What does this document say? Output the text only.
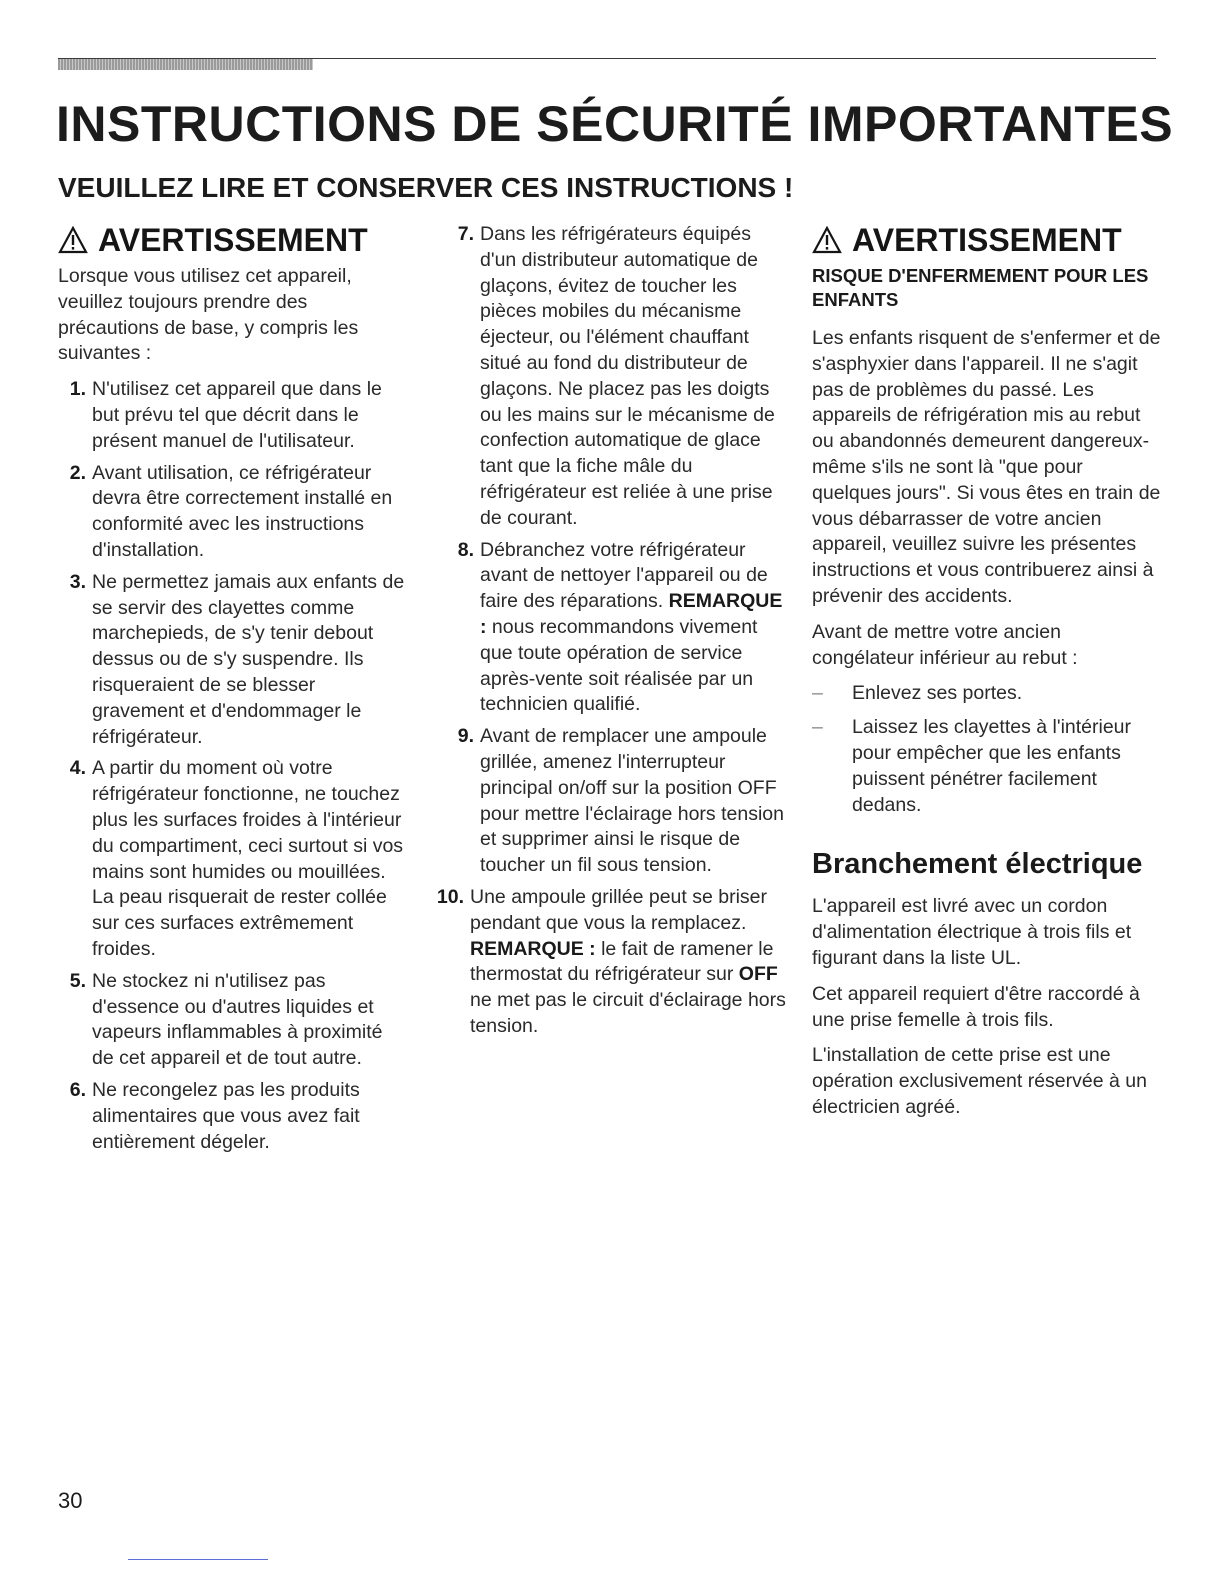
INSTRUCTIONS DE SÉCURITÉ IMPORTANTES
VEUILLEZ LIRE ET CONSERVER CES INSTRUCTIONS !
AVERTISSEMENT

Lorsque vous utilisez cet appareil, veuillez toujours prendre des précautions de base, y compris les suivantes :

1. N'utilisez cet appareil que dans le but prévu tel que décrit dans le présent manuel de l'utilisateur.
2. Avant utilisation, ce réfrigérateur devra être correctement installé en conformité avec les instructions d'installation.
3. Ne permettez jamais aux enfants de se servir des clayettes comme marchepieds, de s'y tenir debout dessus ou de s'y suspendre. Ils risqueraient de se blesser gravement et d'endommager le réfrigérateur.
4. A partir du moment où votre réfrigérateur fonctionne, ne touchez plus les surfaces froides à l'intérieur du compartiment, ceci surtout si vos mains sont humides ou mouillées. La peau risquerait de rester collée sur ces surfaces extrêmement froides.
5. Ne stockez ni n'utilisez pas d'essence ou d'autres liquides et vapeurs inflammables à proximité de cet appareil et de tout autre.
6. Ne recongelez pas les produits alimentaires que vous avez fait entièrement dégeler.
7. Dans les réfrigérateurs équipés d'un distributeur automatique de glaçons, évitez de toucher les pièces mobiles du mécanisme éjecteur, ou l'élément chauffant situé au fond du distributeur de glaçons. Ne placez pas les doigts ou les mains sur le mécanisme de confection automatique de glace tant que la fiche mâle du réfrigérateur est reliée à une prise de courant.
8. Débranchez votre réfrigérateur avant de nettoyer l'appareil ou de faire des réparations. REMARQUE : nous recommandons vivement que toute opération de service après-vente soit réalisée par un technicien qualifié.
9. Avant de remplacer une ampoule grillée, amenez l'interrupteur principal on/off sur la position OFF pour mettre l'éclairage hors tension et supprimer ainsi le risque de toucher un fil sous tension.
10. Une ampoule grillée peut se briser pendant que vous la remplacez. REMARQUE : le fait de ramener le thermostat du réfrigérateur sur OFF ne met pas le circuit d'éclairage hors tension.
AVERTISSEMENT
RISQUE D'ENFERMEMENT POUR LES ENFANTS

Les enfants risquent de s'enfermer et de s'asphyxier dans l'appareil. Il ne s'agit pas de problèmes du passé. Les appareils de réfrigération mis au rebut ou abandonnés demeurent dangereux-même s'ils ne sont là "que pour quelques jours". Si vous êtes en train de vous débarrasser de votre ancien appareil, veuillez suivre les présentes instructions et vous contribuerez ainsi à prévenir des accidents.

Avant de mettre votre ancien congélateur inférieur au rebut :

–	Enlevez ses portes.
–	Laissez les clayettes à l'intérieur pour empêcher que les enfants puissent pénétrer facilement dedans.
Branchement électrique

L'appareil est livré avec un cordon d'alimentation électrique à trois fils et figurant dans la liste UL.

Cet appareil requiert d'être raccordé à une prise femelle à trois fils.

L'installation de cette prise est une opération exclusivement réservée à un électricien agréé.

30
